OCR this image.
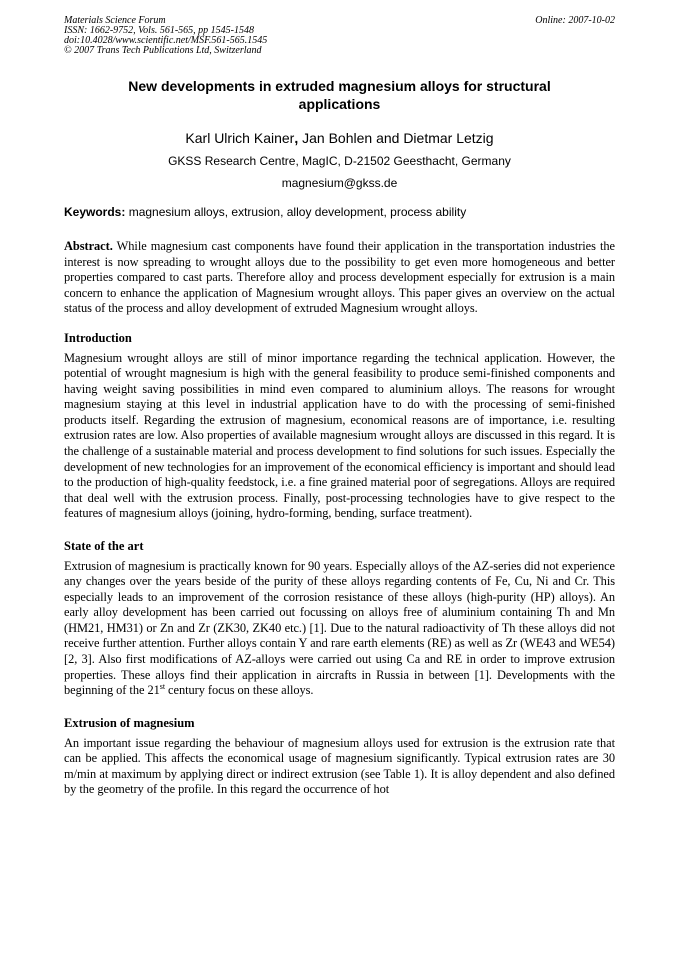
Materials Science Forum
ISSN: 1662-9752, Vols. 561-565, pp 1545-1548
doi:10.4028/www.scientific.net/MSF.561-565.1545
© 2007 Trans Tech Publications Ltd, Switzerland
Online: 2007-10-02
New developments in extruded magnesium alloys for structural applications
Karl Ulrich Kainer, Jan Bohlen and Dietmar Letzig
GKSS Research Centre, MagIC, D-21502 Geesthacht, Germany
magnesium@gkss.de
Keywords: magnesium alloys, extrusion, alloy development, process ability

Abstract. While magnesium cast components have found their application in the transportation industries the interest is now spreading to wrought alloys due to the possibility to get even more homogeneous and better properties compared to cast parts. Therefore alloy and process development especially for extrusion is a main concern to enhance the application of Magnesium wrought alloys. This paper gives an overview on the actual status of the process and alloy development of extruded Magnesium wrought alloys.

Introduction

Magnesium wrought alloys are still of minor importance regarding the technical application. However, the potential of wrought magnesium is high with the general feasibility to produce semi-finished components and having weight saving possibilities in mind even compared to aluminium alloys. The reasons for wrought magnesium staying at this level in industrial application have to do with the processing of semi-finished products itself. Regarding the extrusion of magnesium, economical reasons are of importance, i.e. resulting extrusion rates are low. Also properties of available magnesium wrought alloys are discussed in this regard. It is the challenge of a sustainable material and process development to find solutions for such issues. Especially the development of new technologies for an improvement of the economical efficiency is important and should lead to the production of high-quality feedstock, i.e. a fine grained material poor of segregations. Alloys are required that deal well with the extrusion process. Finally, post-processing technologies have to give respect to the features of magnesium alloys (joining, hydro-forming, bending, surface treatment).

State of the art

Extrusion of magnesium is practically known for 90 years. Especially alloys of the AZ-series did not experience any changes over the years beside of the purity of these alloys regarding contents of Fe, Cu, Ni and Cr. This especially leads to an improvement of the corrosion resistance of these alloys (high-purity (HP) alloys). An early alloy development has been carried out focussing on alloys free of aluminium containing Th and Mn (HM21, HM31) or Zn and Zr (ZK30, ZK40 etc.) [1]. Due to the natural radioactivity of Th these alloys did not receive further attention. Further alloys contain Y and rare earth elements (RE) as well as Zr (WE43 and WE54) [2, 3]. Also first modifications of AZ-alloys were carried out using Ca and RE in order to improve extrusion properties. These alloys find their application in aircrafts in Russia in between [1]. Developments with the beginning of the 21st century focus on these alloys.

Extrusion of magnesium

An important issue regarding the behaviour of magnesium alloys used for extrusion is the extrusion rate that can be applied. This affects the economical usage of magnesium significantly. Typical extrusion rates are 30 m/min at maximum by applying direct or indirect extrusion (see Table 1). It is alloy dependent and also defined by the geometry of the profile. In this regard the occurrence of hot
